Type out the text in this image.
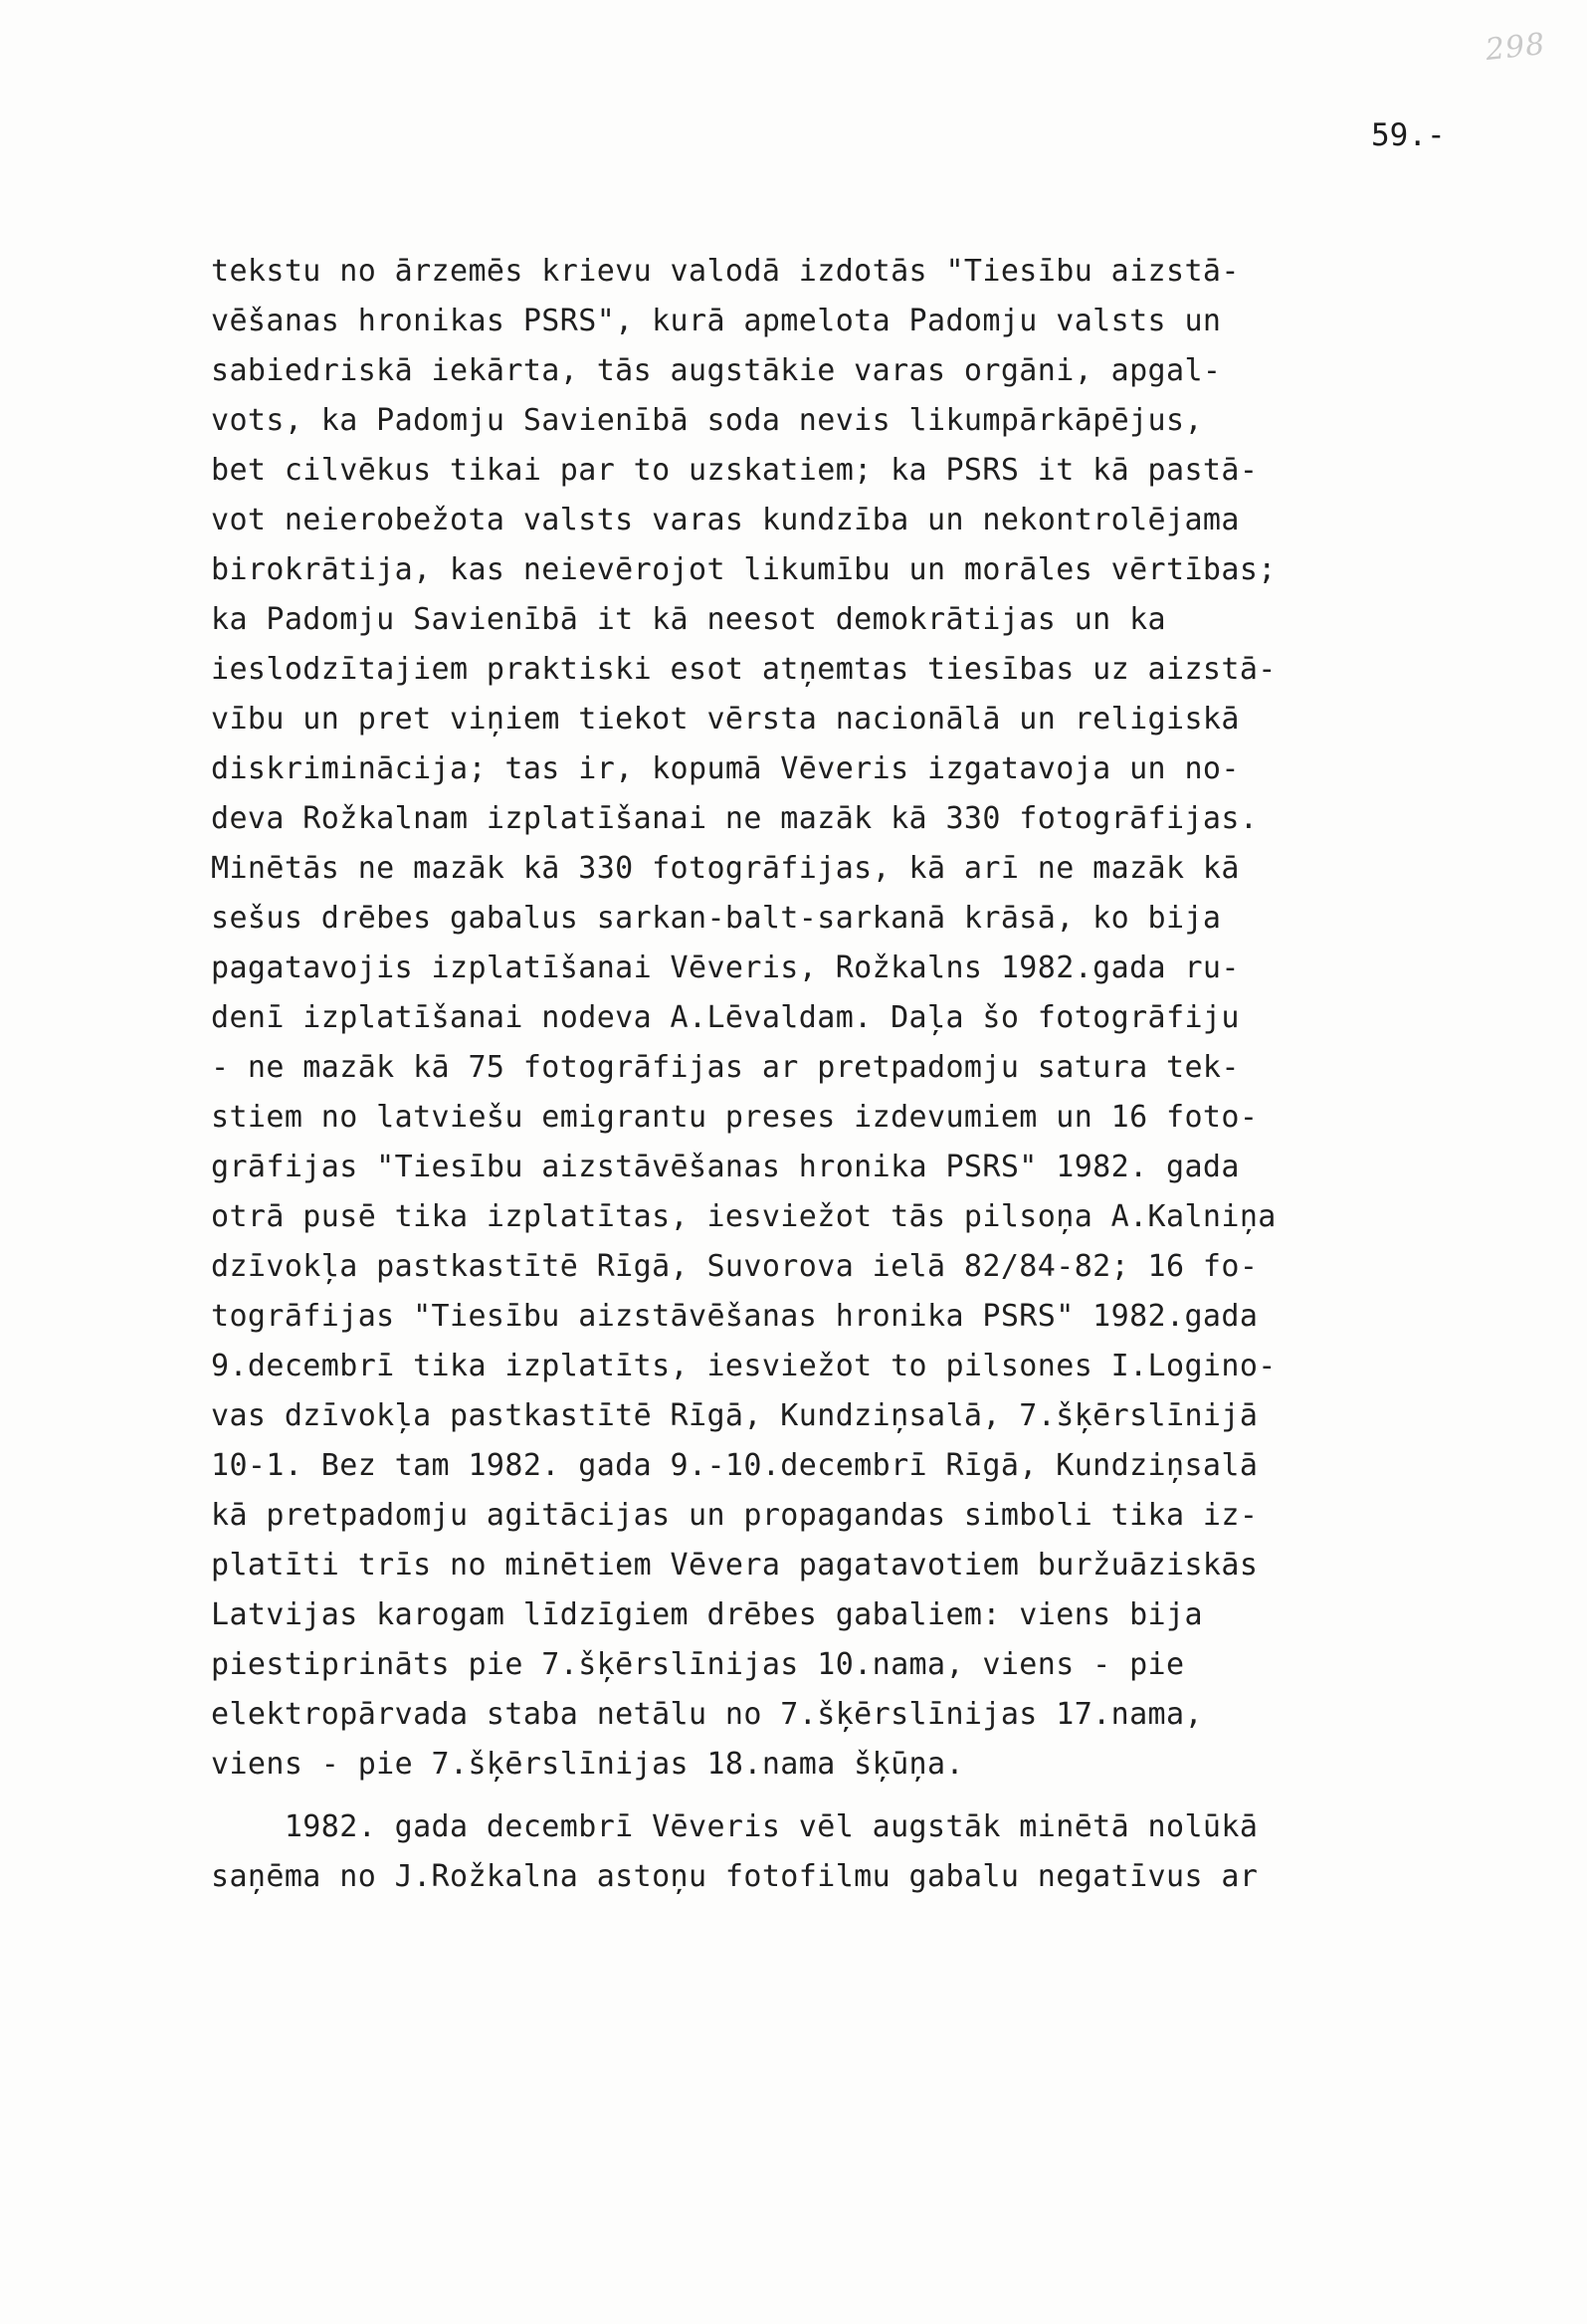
298
59.-
tekstu no ārzemēs krievu valodā izdotās "Tiesību aizstā-
vēšanas hronikas PSRS", kurā apmelota Padomju valsts un
sabiedriskā iekārta, tās augstākie varas orgāni, apgal-
vots, ka Padomju Savienībā soda nevis likumpārkāpējus,
bet cilvēkus tikai par to uzskatiem; ka PSRS it kā pastā-
vot neierobežota valsts varas kundzība un nekontrolējama
birokrātija, kas neievērojot likumību un morāles vērtības;
ka Padomju Savienībā it kā neesot demokrātijas un ka
ieslodzītajiem praktiski esot atņemtas tiesības uz aizstā-
vību un pret viņiem tiekot vērsta nacionālā un religiskā
diskriminācija; tas ir, kopumā Vēveris izgatavoja un no-
deva Rožkalnam izplatīšanai ne mazāk kā 330 fotogrāfijas.
Minētās ne mazāk kā 330 fotogrāfijas, kā arī ne mazāk kā
sešus drēbes gabalus sarkan-balt-sarkanā krāsā, ko bija
pagatavojis izplatīšanai Vēveris, Rožkalns 1982.gada ru-
denī izplatīšanai nodeva A.Lēvaldam. Daļa šo fotogrāfiju
- ne mazāk kā 75 fotogrāfijas ar pretpadomju satura tek-
stiem no latviešu emigrantu preses izdevumiem un 16 foto-
grāfijas "Tiesību aizstāvēšanas hronika PSRS" 1982. gada
otrā pusē tika izplatītas, iesviežot tās pilsoņa A.Kalniņa
dzīvokļa pastkastītē Rīgā, Suvorova ielā 82/84-82; 16 fo-
togrāfijas "Tiesību aizstāvēšanas hronika PSRS" 1982.gada
9.decembrī tika izplatīts, iesviežot to pilsones I.Logino-
vas dzīvokļa pastkastītē Rīgā, Kundziņsalā, 7.šķērslīnijā
10-1. Bez tam 1982. gada 9.-10.decembrī Rīgā, Kundziņsalā
kā pretpadomju agitācijas un propagandas simboli tika iz-
platīti trīs no minētiem Vēvera pagatavotiem buržuāziskās
Latvijas karogam līdzīgiem drēbes gabaliem: viens bija
piestiprināts pie 7.šķērslīnijas 10.nama, viens - pie
elektropārvada staba netālu no 7.šķērslīnijas 17.nama,
viens - pie 7.šķērslīnijas 18.nama šķūņa.
1982. gada decembrī Vēveris vēl augstāk minētā nolūkā
saņēma no J.Rožkalna astoņu fotofilmu gabalu negatīvus ar
